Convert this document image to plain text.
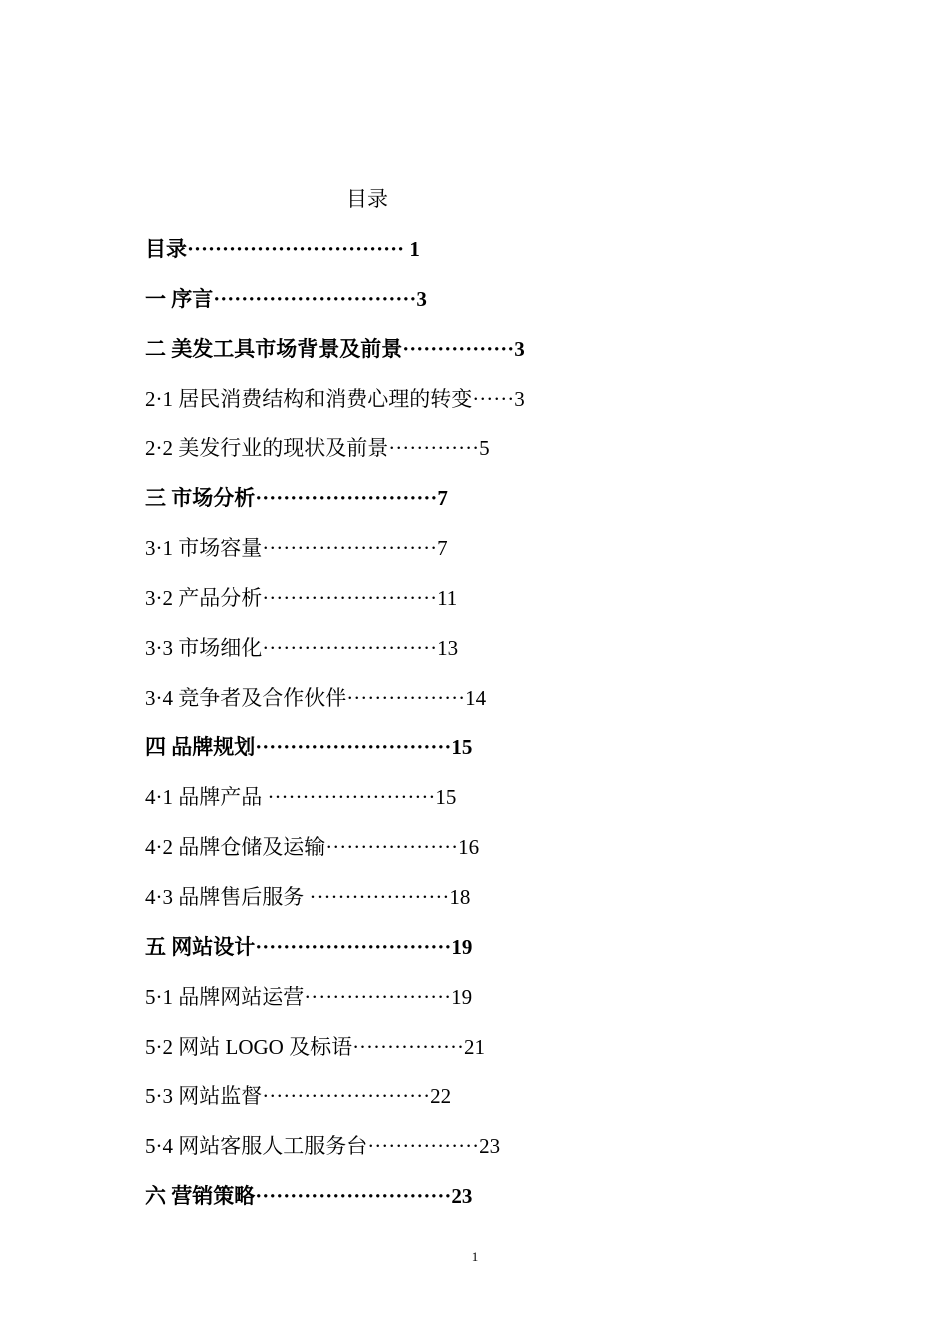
目录
目录······························· 1
一 序言·····························3
二 美发工具市场背景及前景················3
2·1 居民消费结构和消费心理的转变······3
2·2 美发行业的现状及前景·············5
三 市场分析··························7
3·1 市场容量·························7
3·2 产品分析·························11
3·3 市场细化·························13
3·4 竞争者及合作伙伴·················14
四 品牌规划····························15
4·1 品牌产品 ························15
4·2 品牌仓储及运输···················16
4·3 品牌售后服务 ····················18
五 网站设计····························19
5·1 品牌网站运营·····················19
5·2 网站 LOGO 及标语················21
5·3 网站监督························22
5·4 网站客服人工服务台················23
六 营销策略····························23
1
